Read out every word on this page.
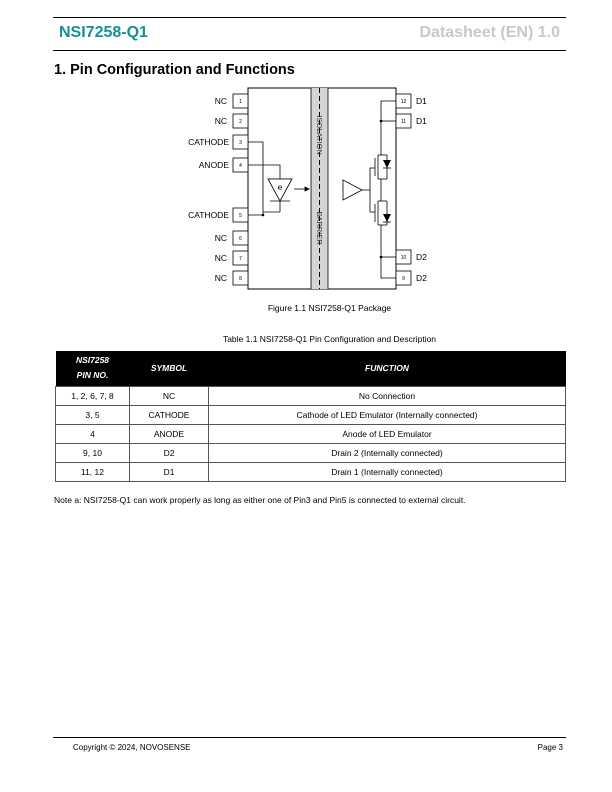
NSI7258-Q1	Datasheet (EN) 1.0
1. Pin Configuration and Functions
ISOLATION
BARRIER
1
NC
2
NC
3
CATHODE
4
ANODE
5
CATHODE
6
NC
7
NC
8
NC
12 D1
11 D1
10 D2
9 D2
e
Figure 1.1 NSI7258-Q1 Package
Table 1.1 NSI7258-Q1 Pin Configuration and Description
NSI7258
PIN NO.	SYMBOL	FUNCTION
1, 2, 6, 7, 8	NC	No Connection
3, 5	CATHODE	Cathode of LED Emulator (Internally connected)
4	ANODE	Anode of LED Emulator
9, 10	D2	Drain 2 (Internally connected)
11, 12	D1	Drain 1 (Internally connected)
Note a: NSI7258-Q1 can work properly as long as either one of Pin3 and Pin5 is connected to external circuit.
Copyright © 2024, NOVOSENSE	Page 3
